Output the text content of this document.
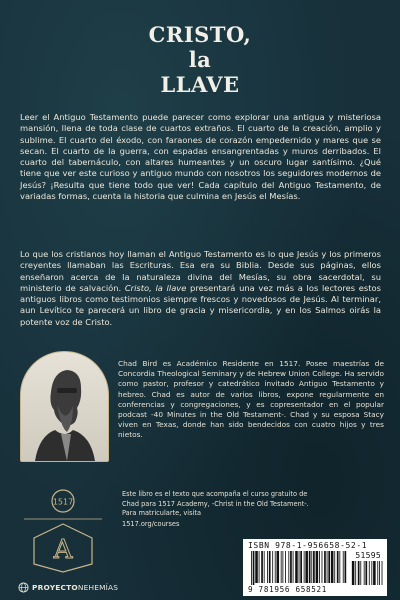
CRISTO,
la
LLAVE

Leer el Antiguo Testamento puede parecer como explorar una antigua y misteriosa mansión, llena de toda clase de cuartos extraños. El cuarto de la creación, amplio y sublime. El cuarto del éxodo, con faraones de corazón empedernido y mares que se secan. El cuarto de la guerra, con espadas ensangrentadas y muros derribados. El cuarto del tabernáculo, con altares humeantes y un oscuro lugar santísimo. ¿Qué tiene que ver este curioso y antiguo mundo con nosotros los seguidores modernos de Jesús? ¡Resulta que tiene todo que ver! Cada capítulo del Antiguo Testamento, de variadas formas, cuenta la historia que culmina en Jesús el Mesías.

Lo que los cristianos hoy llaman el Antiguo Testamento es lo que Jesús y los primeros creyentes llamaban las Escrituras. Esa era su Biblia. Desde sus páginas, ellos enseñaron acerca de la naturaleza divina del Mesías, su obra sacerdotal, su ministerio de salvación. Cristo, la llave presentará una vez más a los lectores estos antiguos libros como testimonios siempre frescos y novedosos de Jesús. Al terminar, aun Levítico te parecerá un libro de gracia y misericordia, y en los Salmos oirás la potente voz de Cristo.

Chad Bird es Académico Residente en 1517. Posee maestrías de Concordia Theological Seminary y de Hebrew Union College. Ha servido como pastor, profesor y catedrático invitado Antiguo Testamento y hebreo. Chad es autor de varios libros, expone regularmente en conferencias y congregaciones, y es copresentador en el popular podcast -40 Minutes in the Old Testament-. Chad y su esposa Stacy viven en Texas, donde han sido bendecidos con cuatro hijos y tres nietos.

1517
A

Este libro es el texto que acompaña el curso gratuito de Chad para 1517 Academy, -Christ in the Old Testament-. Para matricularte, visita

1517.org/courses
ISBN 978-1-956658-52-1
51595
9 781956 658521
PROYECTO NEHEMÍAS
